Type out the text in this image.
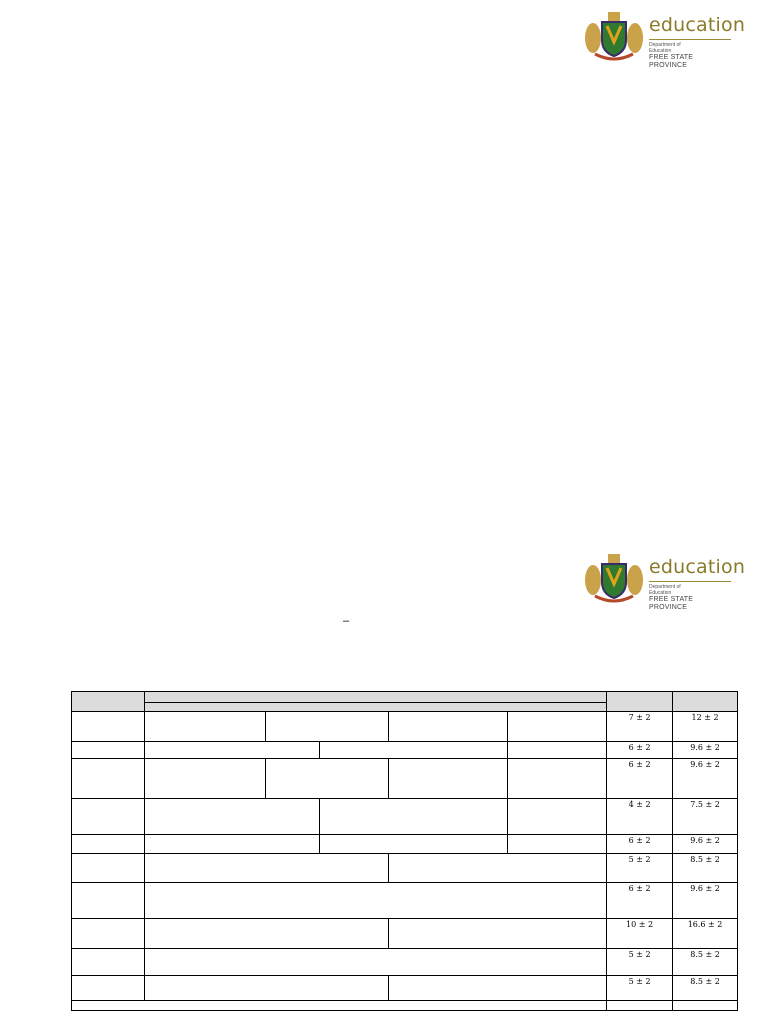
education
Department of
Education
FREE STATE PROVINCE
education
Department of
Education
FREE STATE PROVINCE
–

						7 ± 2	12 ± 2
						6 ± 2	9.6 ± 2
						6 ± 2	9.6 ± 2
						4 ± 2	7.5 ± 2
						6 ± 2	9.6 ± 2
						5 ± 2	8.5 ± 2
						6 ± 2	9.6 ± 2
						10 ± 2	16.6 ± 2
						5 ± 2	8.5 ± 2
						5 ± 2	8.5 ± 2
